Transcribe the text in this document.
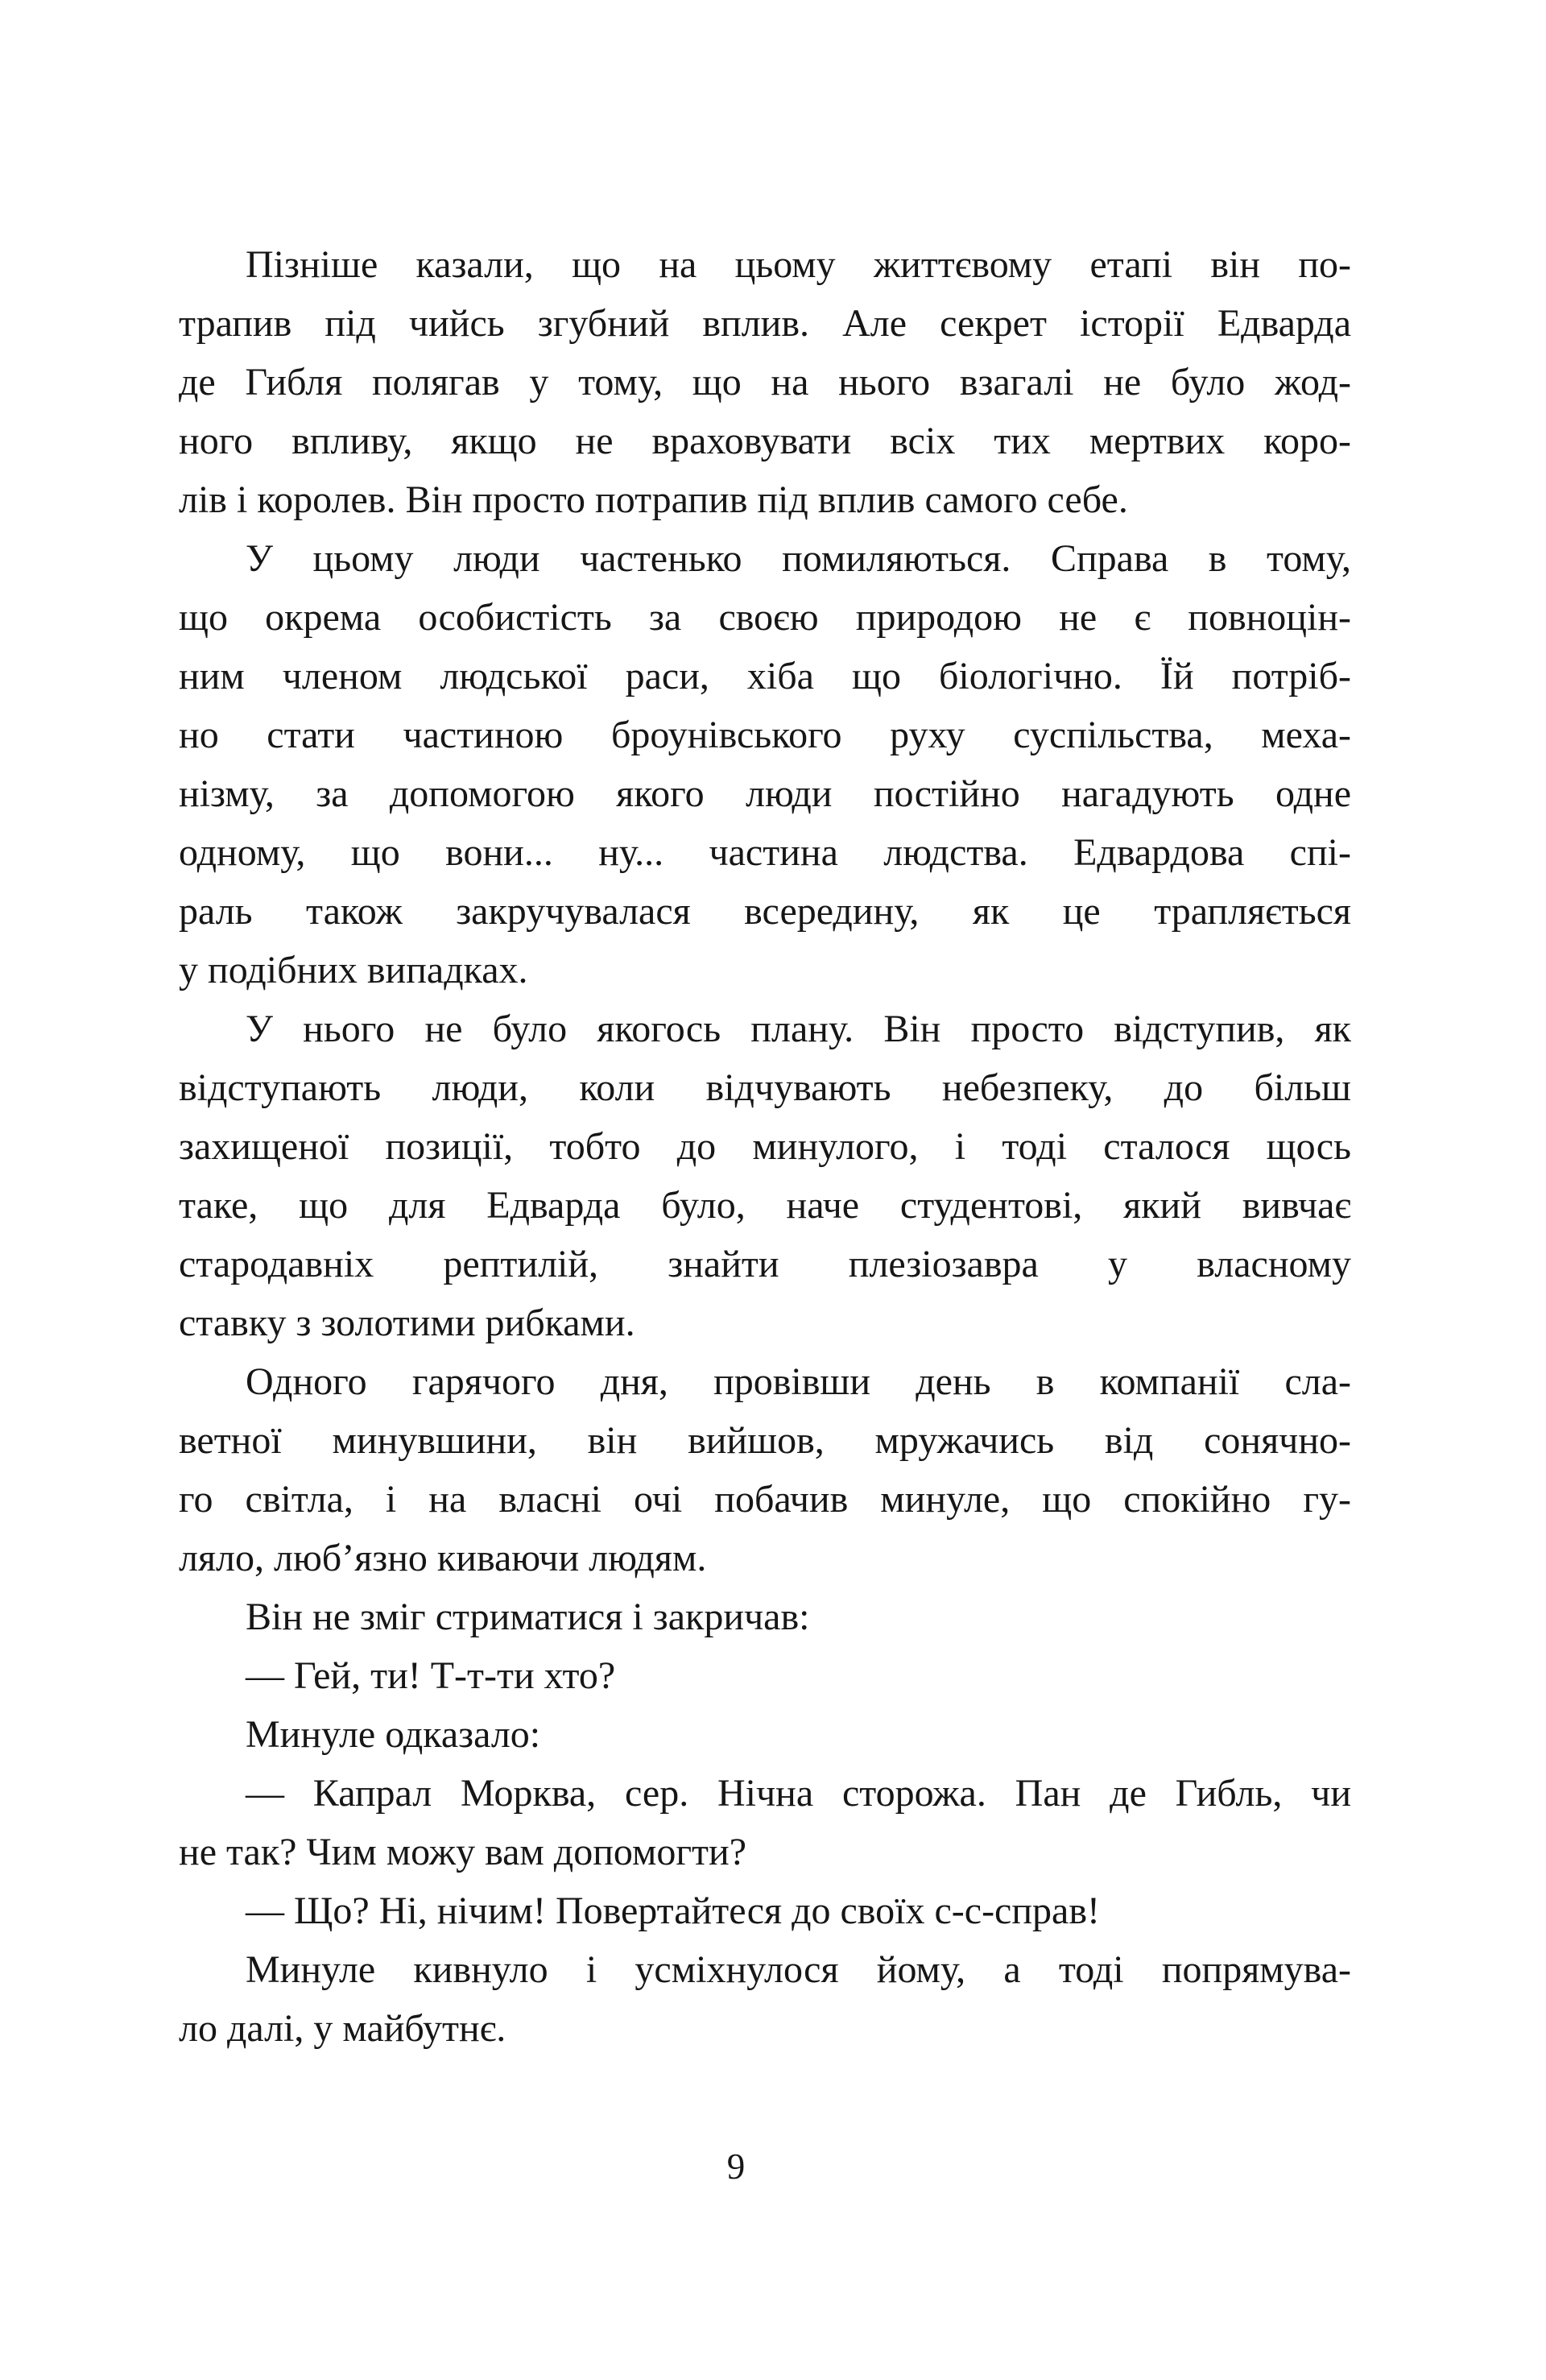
Пізніше казали, що на цьому життєвому етапі він по-
трапив під чийсь згубний вплив. Але секрет історії Едварда
де Гибля полягав у тому, що на нього взагалі не було жод-
ного впливу, якщо не враховувати всіх тих мертвих коро-
лів і королев. Він просто потрапив під вплив самого себе.
У цьому люди частенько помиляються. Справа в тому,
що окрема особистість за своєю природою не є повноцін-
ним членом людської раси, хіба що біологічно. Їй потріб-
но стати частиною броунівського руху суспільства, меха-
нізму, за допомогою якого люди постійно нагадують одне
одному, що вони... ну... частина людства. Едвардова спі-
раль також закручувалася всередину, як це трапляється
у подібних випадках.
У нього не було якогось плану. Він просто відступив, як
відступають люди, коли відчувають небезпеку, до більш
захищеної позиції, тобто до минулого, і тоді сталося щось
таке, що для Едварда було, наче студентові, який вивчає
стародавніх рептилій, знайти плезіозавра у власному
ставку з золотими рибками.
Одного гарячого дня, провівши день в компанії сла-
ветної минувшини, він вийшов, мружачись від сонячно-
го світла, і на власні очі побачив минуле, що спокійно гу-
ляло, люб’язно киваючи людям.
Він не зміг стриматися і закричав:
— Гей, ти! Т-т-ти хто?
Минуле одказало:
— Капрал Морква, сер. Нічна сторожа. Пан де Гибль, чи
не так? Чим можу вам допомогти?
— Що? Ні, нічим! Повертайтеся до своїх с-с-справ!
Минуле кивнуло і усміхнулося йому, а тоді попрямува-
ло далі, у майбутнє.
9
